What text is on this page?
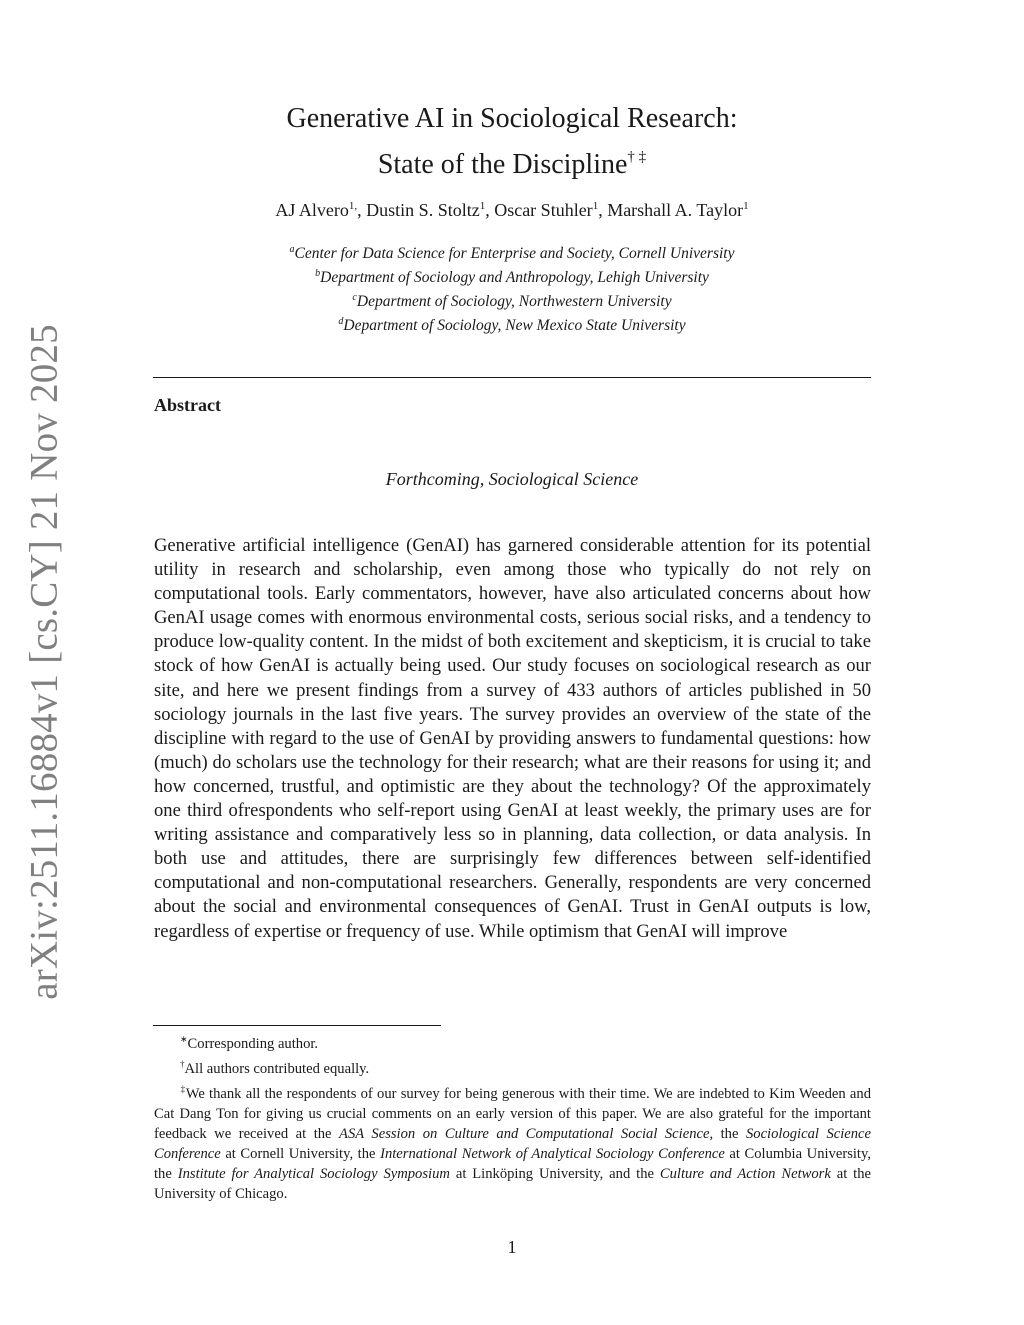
arXiv:2511.16884v1 [cs.CY] 21 Nov 2025
Generative AI in Sociological Research:
State of the Discipline† ‡
AJ Alvero$^{1,}$, Dustin S. Stoltz$^1$, Oscar Stuhler$^1$, Marshall A. Taylor$^1$
$^a$Center for Data Science for Enterprise and Society, Cornell University
$^b$Department of Sociology and Anthropology, Lehigh University
$^c$Department of Sociology, Northwestern University
$^d$Department of Sociology, New Mexico State University
Abstract
Forthcoming, Sociological Science

Generative artificial intelligence (GenAI) has garnered considerable attention for its potential utility in research and scholarship, even among those who typically do not rely on computational tools. Early commentators, however, have also articulated concerns about how GenAI usage comes with enormous environmental costs, serious social risks, and a tendency to produce low-quality content. In the midst of both excitement and skepticism, it is crucial to take stock of how GenAI is actually being used. Our study focuses on sociological research as our site, and here we present findings from a survey of 433 authors of articles published in 50 sociology journals in the last five years. The survey provides an overview of the state of the discipline with regard to the use of GenAI by providing answers to fundamental questions: how (much) do scholars use the technology for their research; what are their reasons for using it; and how concerned, trustful, and optimistic are they about the technology? Of the approximately one third ofrespondents who self-report using GenAI at least weekly, the primary uses are for writing assistance and comparatively less so in planning, data collection, or data analysis. In both use and attitudes, there are surprisingly few differences between self-identified computational and non-computational researchers. Generally, respondents are very concerned about the social and environmental consequences of GenAI. Trust in GenAI outputs is low, regardless of expertise or frequency of use. While optimism that GenAI will improve

∗Corresponding author.
†All authors contributed equally.
‡We thank all the respondents of our survey for being generous with their time. We are indebted to Kim Weeden and Cat Dang Ton for giving us crucial comments on an early version of this paper. We are also grateful for the important feedback we received at the ASA Session on Culture and Computational Social Science, the Sociological Science Conference at Cornell University, the International Network of Analytical Sociology Conference at Columbia University, the Institute for Analytical Sociology Symposium at Linköping University, and the Culture and Action Network at the University of Chicago.
1
